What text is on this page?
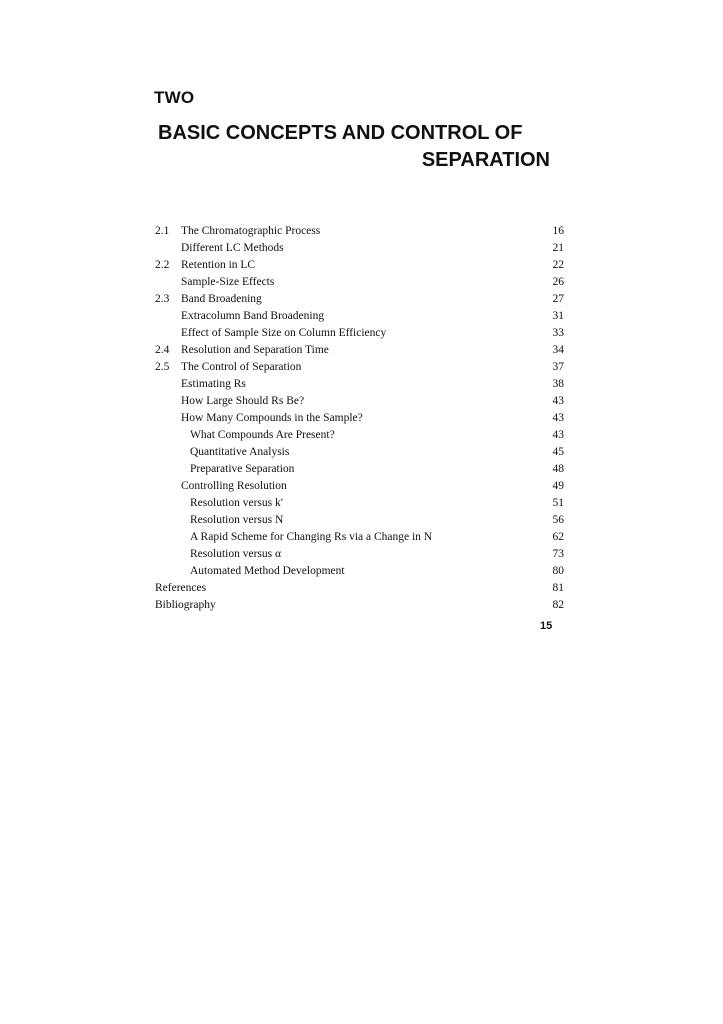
TWO
BASIC CONCEPTS AND CONTROL OF
SEPARATION
2.1 The Chromatographic Process	16
Different LC Methods	21
2.2 Retention in LC	22
Sample-Size Effects	26
2.3 Band Broadening	27
Extracolumn Band Broadening	31
Effect of Sample Size on Column Efficiency	33
2.4 Resolution and Separation Time	34
2.5 The Control of Separation	37
Estimating Rs	38
How Large Should Rs Be?	43
How Many Compounds in the Sample?	43
What Compounds Are Present?	43
Quantitative Analysis	45
Preparative Separation	48
Controlling Resolution	49
Resolution versus k′	51
Resolution versus N	56
A Rapid Scheme for Changing Rs via a Change in N	62
Resolution versus α	73
Automated Method Development	80
References	81
Bibliography	82
15
